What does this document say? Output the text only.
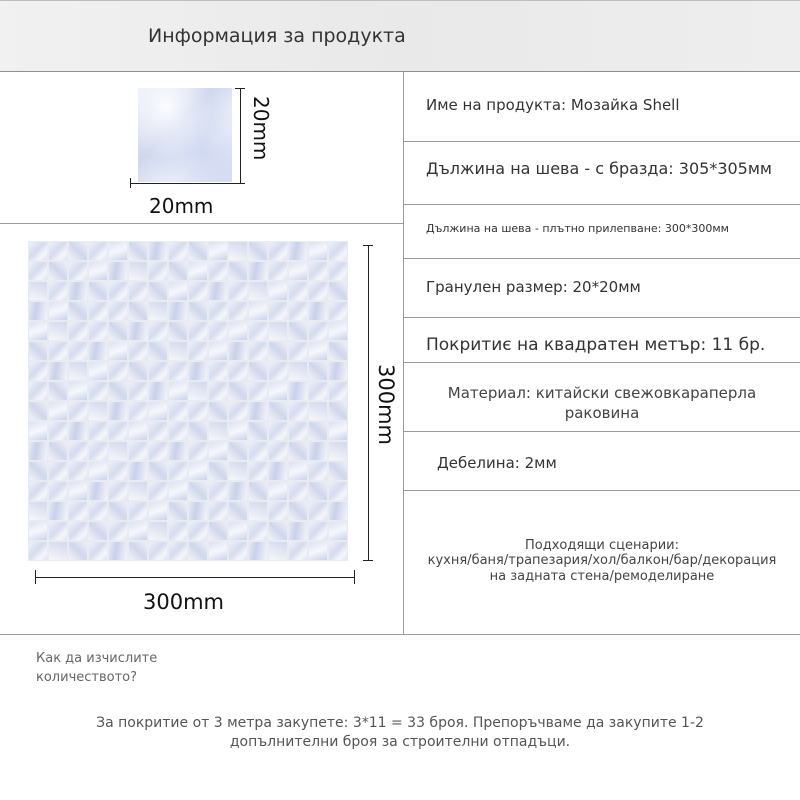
Информация за продукта
20mm
20mm
300mm
300mm
Име на продукта: Мозайка Shell
Дължина на шева - с бразда: 305*305мм
Дължина на шева - плътно прилепване: 300*300мм
Гранулен размер: 20*20мм
Покритиє на квадратен метър: 11 бр.
Материал: китайски свежовкараперла
раковина
Дебелина: 2мм
Подходящи сценарии:
кухня/баня/трапезария/хол/балкон/бар/декорация
на задната стена/ремоделиране
Как да изчислите количеството?
За покритие от 3 метра закупете: 3*11 = 33 броя. Препоръчваме да закупите 1-2
допълнителни броя за строителни отпадъци.
